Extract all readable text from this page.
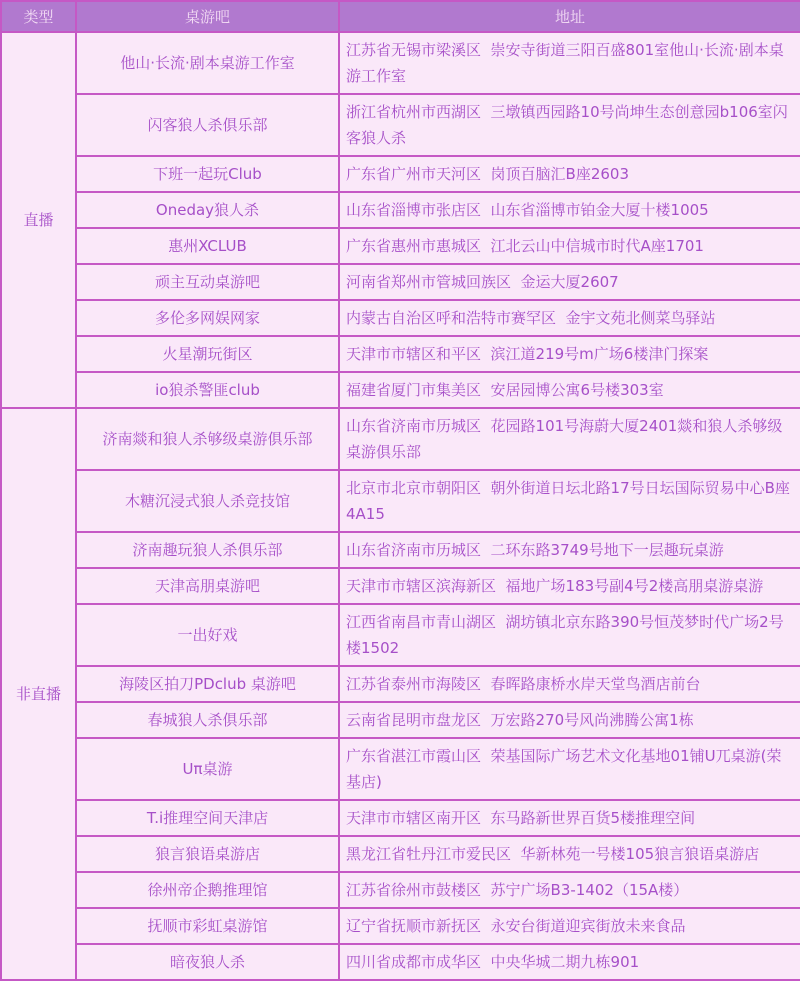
类型	桌游吧	地址
直播	他山·长流·剧本桌游工作室	江苏省无锡市梁溪区  崇安寺街道三阳百盛801室他山·长流·剧本桌游工作室
	闪客狼人杀俱乐部	浙江省杭州市西湖区  三墩镇西园路10号尚坤生态创意园b106室闪客狼人杀
	下班一起玩Club	广东省广州市天河区  岗顶百脑汇B座2603
	Oneday狼人杀	山东省淄博市张店区  山东省淄博市铂金大厦十楼1005
	惠州XCLUB	广东省惠州市惠城区  江北云山中信城市时代A座1701
	顽主互动桌游吧	河南省郑州市管城回族区  金运大厦2607
	多伦多网娱网家	内蒙古自治区呼和浩特市赛罕区  金宇文苑北侧菜鸟驿站
	火星潮玩街区	天津市市辖区和平区  滨江道219号m广场6楼津门探案
	io狼杀警匪club	福建省厦门市集美区  安居园博公寓6号楼303室
非直播	济南燚和狼人杀够级桌游俱乐部	山东省济南市历城区  花园路101号海蔚大厦2401燚和狼人杀够级桌游俱乐部
	木糖沉浸式狼人杀竞技馆	北京市北京市朝阳区  朝外街道日坛北路17号日坛国际贸易中心B座4A15
	济南趣玩狼人杀俱乐部	山东省济南市历城区  二环东路3749号地下一层趣玩桌游
	天津高朋桌游吧	天津市市辖区滨海新区  福地广场183号副4号2楼高朋桌游桌游
	一出好戏	江西省南昌市青山湖区  湖坊镇北京东路390号恒茂梦时代广场2号楼1502
	海陵区拍刀PDclub 桌游吧	江苏省泰州市海陵区  春晖路康桥水岸天堂鸟酒店前台
	春城狼人杀俱乐部	云南省昆明市盘龙区  万宏路270号风尚沸腾公寓1栋
	Uπ桌游	广东省湛江市霞山区  荣基国际广场艺术文化基地01铺U兀桌游(荣基店)
	T.i推理空间天津店	天津市市辖区南开区  东马路新世界百货5楼推理空间
	狼言狼语桌游店	黑龙江省牡丹江市爱民区  华新林苑一号楼105狼言狼语桌游店
	徐州帝企鹅推理馆	江苏省徐州市鼓楼区  苏宁广场B3-1402（15A楼）
	抚顺市彩虹桌游馆	辽宁省抚顺市新抚区  永安台街道迎宾街放未来食品
	暗夜狼人杀	四川省成都市成华区  中央华城二期九栋901
